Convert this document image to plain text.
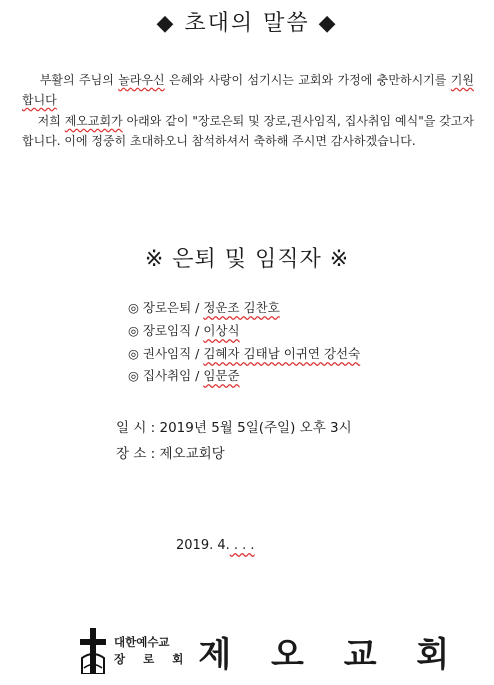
◆ 초대의 말씀 ◆
부활의 주님의 놀라우신 은혜와 사랑이 섬기시는 교회와 가정에 충만하시기를 기원합니다
저희 제오교회가 아래와 같이 "장로은퇴 및 장로,권사임직, 집사취임 예식"을 갖고자 합니다. 이에 정중히 초대하오니 참석하셔서 축하해 주시면 감사하겠습니다.
※ 은퇴 및 임직자 ※
◎ 장로은퇴 / 정운조 김찬호
◎ 장로임직 / 이상식
◎ 권사임직 / 김혜자 김태남 이귀연 강선숙
◎ 집사취임 / 임문준
일 시 : 2019년 5월 5일(주일) 오후 3시
장 소 : 제오교회당
2019. 4. . . .
대한예수교
장 로 회 제 오 교 회
